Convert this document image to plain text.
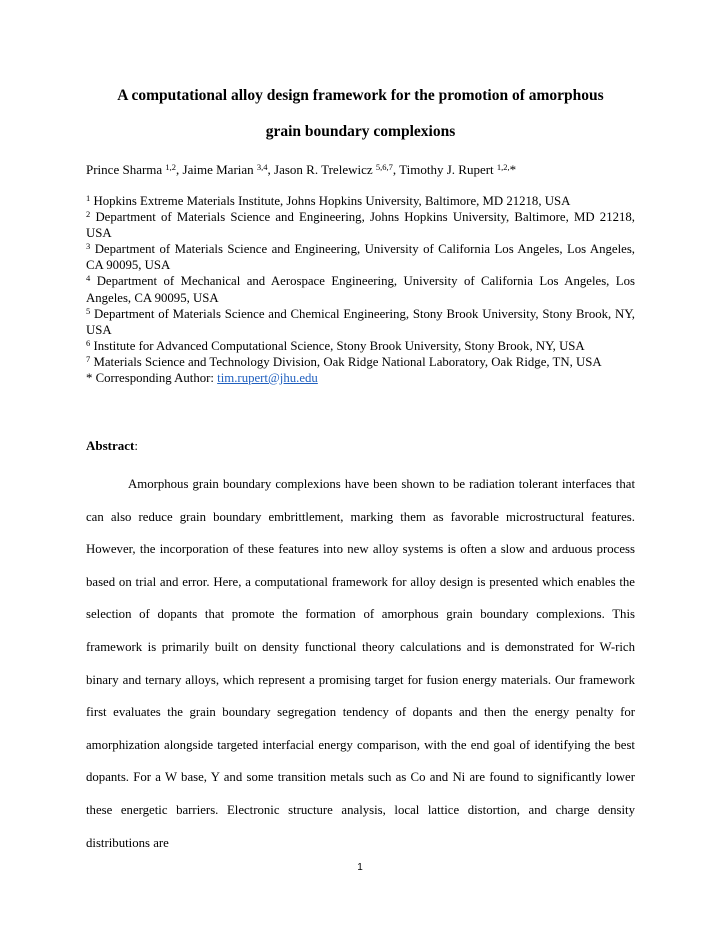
A computational alloy design framework for the promotion of amorphous
grain boundary complexions
Prince Sharma $^{1,2}$, Jaime Marian $^{3,4}$, Jason R. Trelewicz $^{5,6,7}$, Timothy J. Rupert $^{1,2,}$*

$^1$ Hopkins Extreme Materials Institute, Johns Hopkins University, Baltimore, MD 21218, USA

$^2$ Department of Materials Science and Engineering, Johns Hopkins University, Baltimore, MD 21218, USA

$^3$ Department of Materials Science and Engineering, University of California Los Angeles, Los Angeles, CA 90095, USA

$^4$ Department of Mechanical and Aerospace Engineering, University of California Los Angeles, Los Angeles, CA 90095, USA

$^5$ Department of Materials Science and Chemical Engineering, Stony Brook University, Stony Brook, NY, USA

$^6$ Institute for Advanced Computational Science, Stony Brook University, Stony Brook, NY, USA

$^7$ Materials Science and Technology Division, Oak Ridge National Laboratory, Oak Ridge, TN, USA

* Corresponding Author: tim.rupert@jhu.edu

Abstract:

Amorphous grain boundary complexions have been shown to be radiation tolerant interfaces that can also reduce grain boundary embrittlement, marking them as favorable microstructural features. However, the incorporation of these features into new alloy systems is often a slow and arduous process based on trial and error. Here, a computational framework for alloy design is presented which enables the selection of dopants that promote the formation of amorphous grain boundary complexions. This framework is primarily built on density functional theory calculations and is demonstrated for W-rich binary and ternary alloys, which represent a promising target for fusion energy materials. Our framework first evaluates the grain boundary segregation tendency of dopants and then the energy penalty for amorphization alongside targeted interfacial energy comparison, with the end goal of identifying the best dopants. For a W base, Y and some transition metals such as Co and Ni are found to significantly lower these energetic barriers. Electronic structure analysis, local lattice distortion, and charge density distributions are

1
